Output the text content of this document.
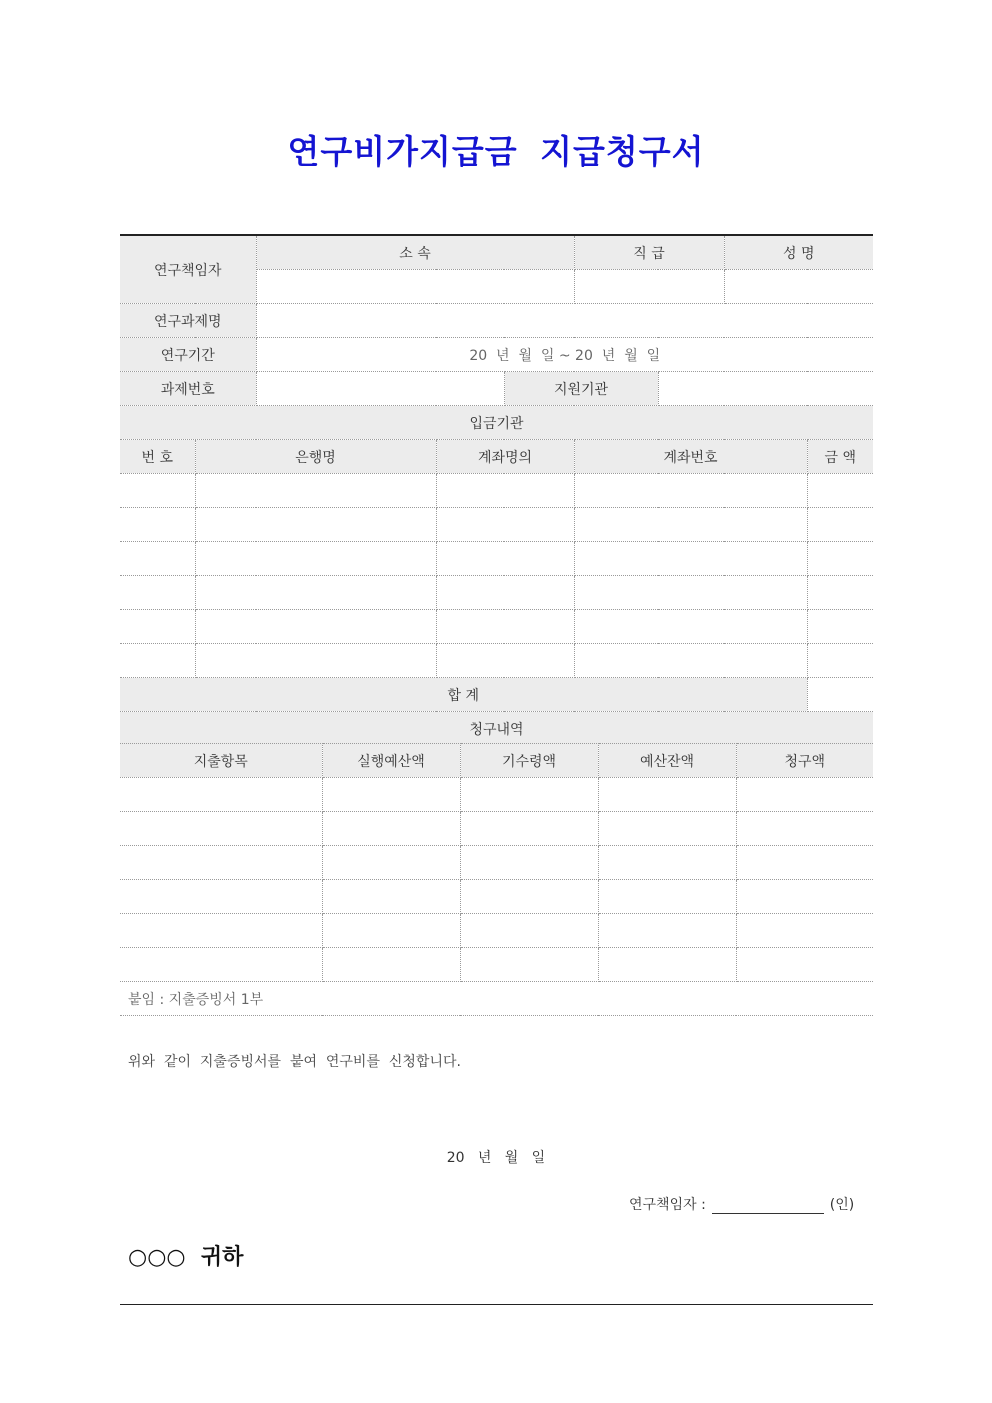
연구비가지급금 지급청구서
연구책임자		소 속			직 급		성 명	

연구과제명								
연구기간		20  년  월  일 ~ 20  년  월  일						
과제번호				지원기관				
입금기관								
번 호	은행명		계좌명의		계좌번호			금 액

합 계								
청구내역								
지출항목	실행예산액	기수령액	예산잔액	청구액

붙임 : 지출증빙서 1부				
위와  같이  지출증빙서를  붙여  연구비를  신청합니다.
20   년   월   일
연구책임자 :	(인)
○○○  귀하
